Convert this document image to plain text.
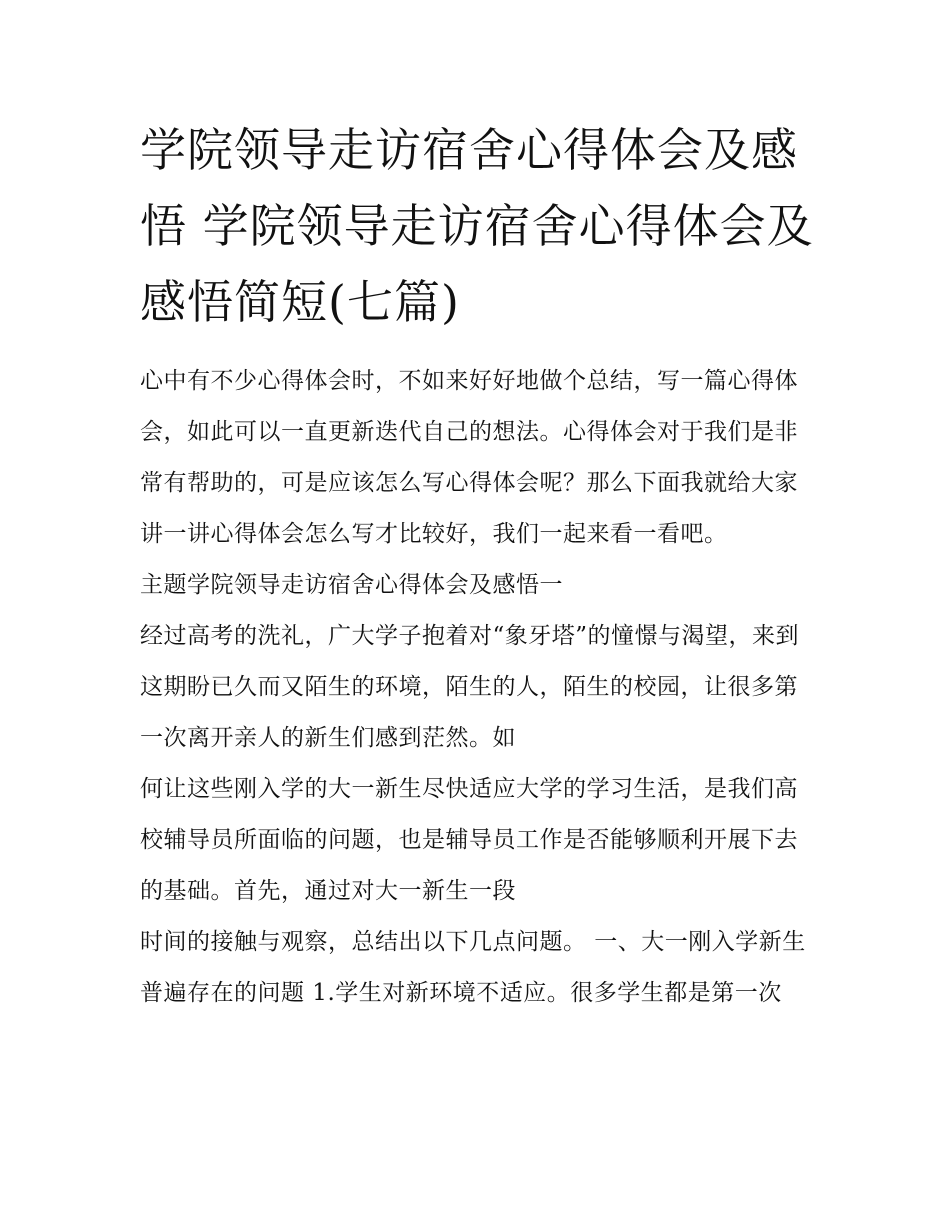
学院领导走访宿舍心得体会及感悟 学院领导走访宿舍心得体会及感悟简短(七篇)

心中有不少心得体会时，不如来好好地做个总结，写一篇心得体会，如此可以一直更新迭代自己的想法。心得体会对于我们是非常有帮助的，可是应该怎么写心得体会呢？那么下面我就给大家讲一讲心得体会怎么写才比较好，我们一起来看一看吧。

主题学院领导走访宿舍心得体会及感悟一

经过高考的洗礼，广大学子抱着对“象牙塔”的憧憬与渴望，来到这期盼已久而又陌生的环境，陌生的人，陌生的校园，让很多第一次离开亲人的新生们感到茫然。如

何让这些刚入学的大一新生尽快适应大学的学习生活，是我们高校辅导员所面临的问题，也是辅导员工作是否能够顺利开展下去的基础。首先，通过对大一新生一段

时间的接触与观察，总结出以下几点问题。 一、大一刚入学新生普遍存在的问题 1.学生对新环境不适应。很多学生都是第一次
